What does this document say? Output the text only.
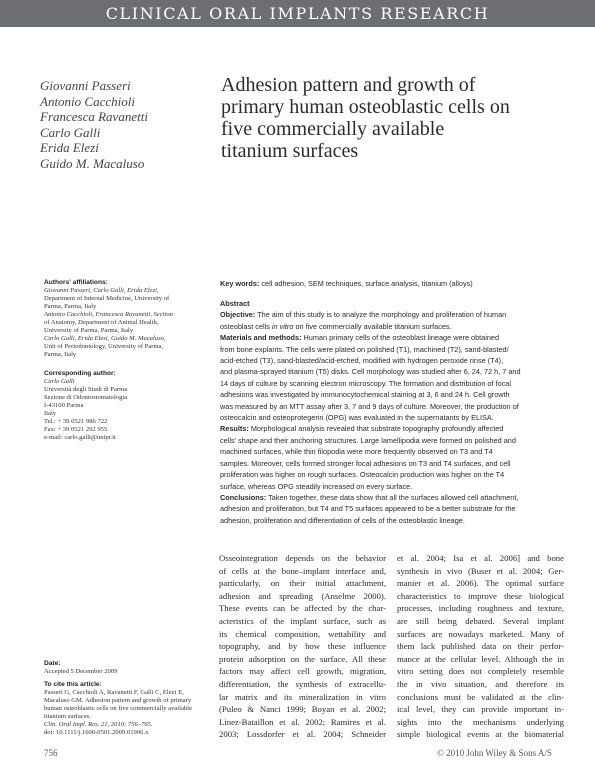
CLINICAL ORAL IMPLANTS RESEARCH
Giovanni Passeri
Antonio Cacchioli
Francesca Ravanetti
Carlo Galli
Erida Elezi
Guido M. Macaluso
Adhesion pattern and growth of
primary human osteoblastic cells on
five commercially available
titanium surfaces
Authors' affiliations:
Giovanni Passeri, Carlo Galli, Erida Elezi,
Department of Internal Medicine, University of
Parma, Parma, Italy
Antonio Cacchioli, Francesca Ravanetti, Section
of Anatomy, Department of Animal Health,
University of Parma, Parma, Italy
Carlo Galli, Erida Elezi, Guido M. Macaluso,
Unit of Periodontology, University of Parma,
Parma, Italy
Corresponding author:
Carlo Galli
Università degli Studi di Parma
Sezione di Odontostomatologia
I-43100 Parma
Italy
Tel.: + 39 0521 986 722
Fax: + 39 0521 292 955
e-mail: carlo.galli@unipr.it
Date:
Accepted 5 December 2009
To cite this article:
Passeri G, Cacchioli A, Ravanetti F, Galli C, Elezi E,
Macaluso GM. Adhesion pattern and growth of primary
human osteoblastic cells on five commercially available
titanium surfaces.
Clin. Oral Impl. Res. 21, 2010; 756–765.
doi: 10.1111/j.1600-0501.2009.01906.x
Key words: cell adhesion, SEM techniques, surface analysis, titanium (alloys)
Abstract
Objective: The aim of this study is to analyze the morphology and proliferation of human
osteoblast cells in vitro on five commercially available titanium surfaces.
Materials and methods: Human primary cells of the osteoblast lineage were obtained
from bone explants. The cells were plated on polished (T1), machined (T2), sand-blasted/
acid-etched (T3), sand-blasted/acid-etched, modified with hydrogen peroxide rinse (T4),
and plasma-sprayed titanium (T5) disks. Cell morphology was studied after 6, 24, 72 h, 7 and
14 days of culture by scanning electron microscopy. The formation and distribution of focal
adhesions was investigated by immunocytochemical staining at 3, 6 and 24 h. Cell growth
was measured by an MTT assay after 3, 7 and 9 days of culture. Moreover, the production of
osteocalcin and osteoprotegerin (OPG) was evaluated in the supernatants by ELISA.
Results: Morphological analysis revealed that substrate topography profoundly affected
cells' shape and their anchoring structures. Large lamellipodia were formed on polished and
machined surfaces, while thin filopodia were more frequently observed on T3 and T4
samples. Moreover, cells formed stronger focal adhesions on T3 and T4 surfaces, and cell
proliferation was higher on rough surfaces. Osteocalcin production was higher on the T4
surface, whereas OPG steadily increased on every surface.
Conclusions: Taken together, these data show that all the surfaces allowed cell attachment,
adhesion and proliferation, but T4 and T5 surfaces appeared to be a better substrate for the
adhesion, proliferation and differentiation of cells of the osteoblastic lineage.
Osseointegration depends on the behavior
of cells at the bone–implant interface and,
particularly, on their initial attachment,
adhesion and spreading (Anselme 2000).
These events can be affected by the char-
acteristics of the implant surface, such as
its chemical composition, wettability and
topography, and by how these influence
protein adsorption on the surface. All these
factors may affect cell growth, migration,
differentiation, the synthesis of extracellu-
lar matrix and its mineralization in vitro
(Puleo & Nanci 1999; Boyan et al. 2002;
Linez-Bataillon et al. 2002; Ramires et al.
2003; Lossdorfer et al. 2004; Schneider
et al. 2004; Isa et al. 2006] and bone
synthesis in vivo (Buser et al. 2004; Ger-
manier et al. 2006). The optimal surface
characteristics to improve these biological
processes, including roughness and texture,
are still being debated. Several implant
surfaces are nowadays marketed. Many of
them lack published data on their perfor-
mance at the cellular level. Although the in
vitro setting does not completely resemble
the in vivo situation, and therefore its
conclusions must be validated at the clin-
ical level, they can provide important in-
sights into the mechanisms underlying
simple biological events at the biomaterial
756	© 2010 John Wiley & Sons A/S
